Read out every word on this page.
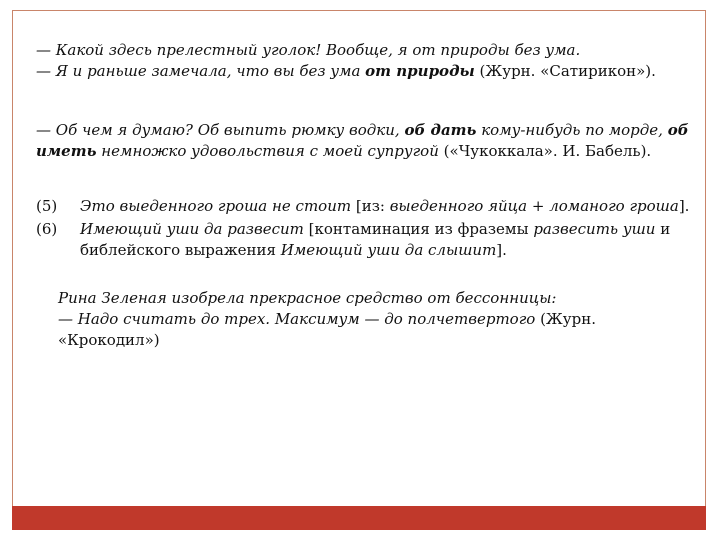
— Какой здесь прелестный уголок! Вообще, я от природы без ума.
— Я и раньше замечала, что вы без ума от природы (Журн. «Сатирикон»).
— Об чем я думаю? Об выпить рюмку водки, об дать кому-нибудь по морде, об иметь немножко удовольствия с моей супругой («Чукоккала». И. Бабель).
(5)	Это выеденного гроша не стоит [из: выеденного яйца + ломаного гроша].
(6)	Имеющий уши да развесит [контаминация из фраземы развесить уши и библейского выражения Имеющий уши да слышит].
Рина Зеленая изобрела прекрасное средство от бессонницы:
— Надо считать до трех. Максимум — до полчетвертого (Журн. «Крокодил»)
